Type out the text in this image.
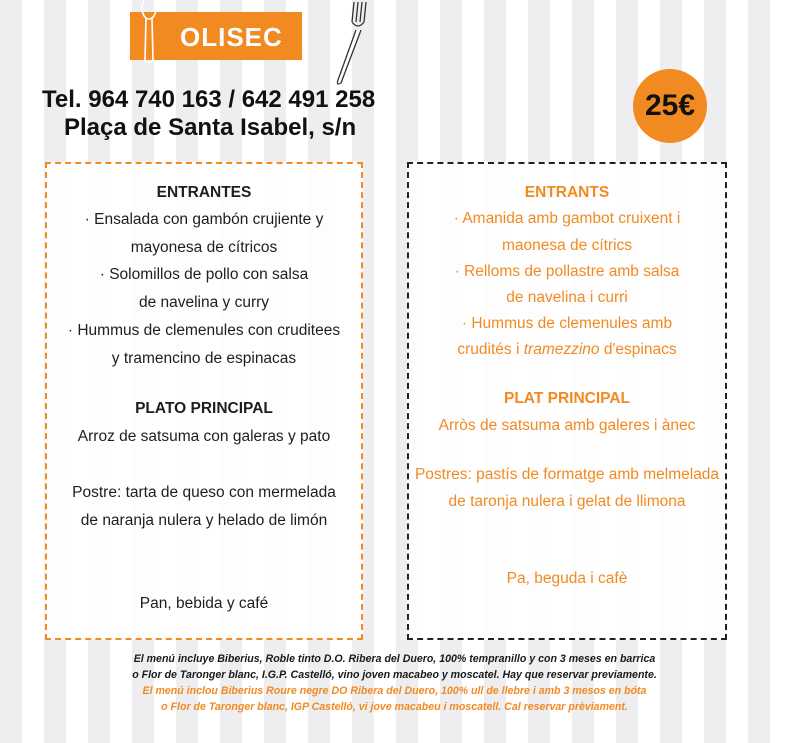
OLISEC
Tel. 964 740 163 / 642 491 258
Plaça de Santa Isabel, s/n
25€
ENTRANTES
· Ensalada con gambón crujiente y
mayonesa de cítricos
· Solomillos de pollo con salsa
de navelina y curry
· Hummus de clemenules con cruditees
y tramencino de espinacas
PLATO PRINCIPAL
Arroz de satsuma con galeras y pato
Postre: tarta de queso con mermelada
de naranja nulera y helado de limón
Pan, bebida y café
ENTRANTS
· Amanida amb gambot cruixent i
maonesa de cítrics
· Relloms de pollastre amb salsa
de navelina i curri
· Hummus de clemenules amb
crudités i tramezzino d'espinacs
PLAT PRINCIPAL
Arròs de satsuma amb galeres i ànec
Postres: pastís de formatge amb melmelada
de taronja nulera i gelat de llimona
Pa, beguda i cafè
El menú incluye Biberius, Roble tinto D.O. Ribera del Duero, 100% tempranillo y con 3 meses en barrica
o Flor de Taronger blanc, I.G.P. Castelló, vino joven macabeo y moscatel. Hay que reservar previamente.
El menú inclou Biberius Roure negre DO Ribera del Duero, 100% ull de llebre i amb 3 mesos en bóta
o Flor de Taronger blanc, IGP Castelló, vi jove macabeu i moscatell. Cal reservar prèviament.
